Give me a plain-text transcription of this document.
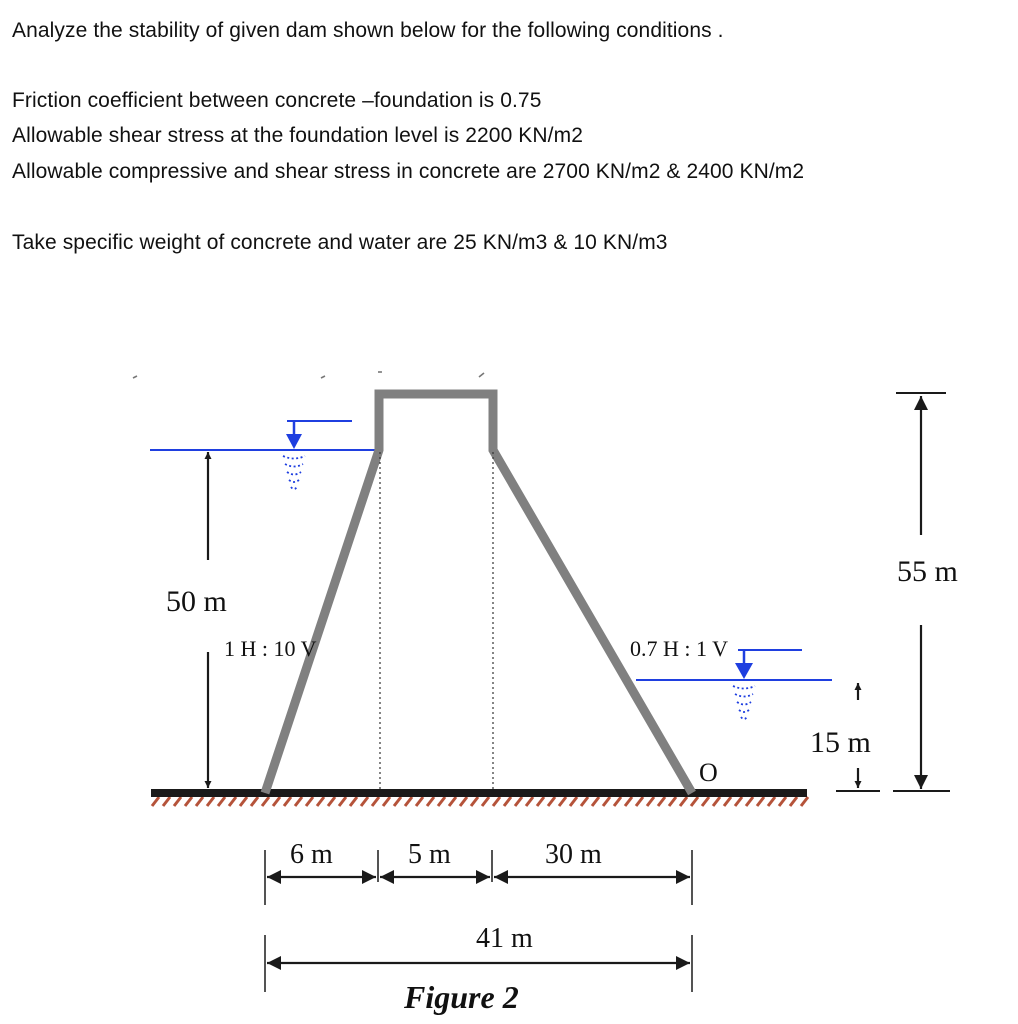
Analyze the stability of given dam shown below for the following conditions .

Friction coefficient between concrete –foundation is 0.75

Allowable shear stress at the foundation level is 2200 KN/m2

Allowable compressive and shear stress in concrete are 2700 KN/m2 & 2400 KN/m2

Take specific weight of concrete and water are 25 KN/m3 & 10 KN/m3

50 m
1 H : 10 V	0.7 H : 1 V
O
55 m
15 m
6 m	5 m	30 m
41 m
Figure 2
